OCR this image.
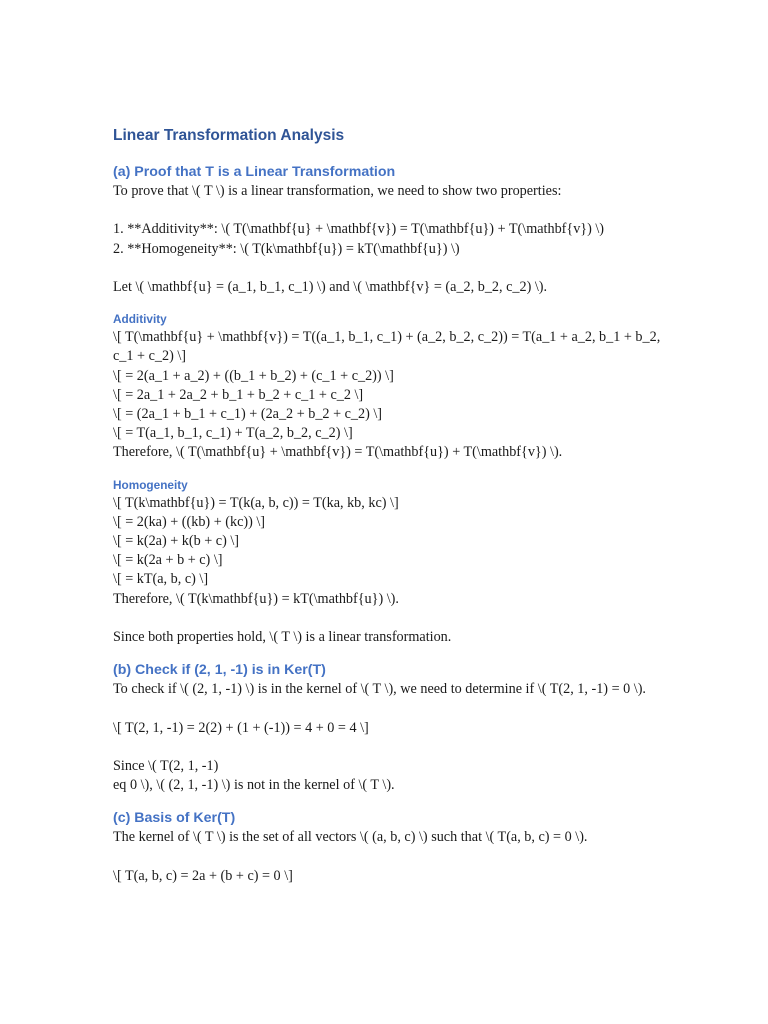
Linear Transformation Analysis
(a) Proof that T is a Linear Transformation
To prove that \( T \) is a linear transformation, we need to show two properties:
1. **Additivity**: \( T(\mathbf{u} + \mathbf{v}) = T(\mathbf{u}) + T(\mathbf{v}) \)
2. **Homogeneity**: \( T(k\mathbf{u}) = kT(\mathbf{u}) \)
Let \( \mathbf{u} = (a_1, b_1, c_1) \) and \( \mathbf{v} = (a_2, b_2, c_2) \).
Additivity
\[ T(\mathbf{u} + \mathbf{v}) = T((a_1, b_1, c_1) + (a_2, b_2, c_2)) = T(a_1 + a_2, b_1 + b_2, c_1 + c_2) \]
\[ = 2(a_1 + a_2) + ((b_1 + b_2) + (c_1 + c_2)) \]
\[ = 2a_1 + 2a_2 + b_1 + b_2 + c_1 + c_2 \]
\[ = (2a_1 + b_1 + c_1) + (2a_2 + b_2 + c_2) \]
\[ = T(a_1, b_1, c_1) + T(a_2, b_2, c_2) \]
Therefore, \( T(\mathbf{u} + \mathbf{v}) = T(\mathbf{u}) + T(\mathbf{v}) \).
Homogeneity
\[ T(k\mathbf{u}) = T(k(a, b, c)) = T(ka, kb, kc) \]
\[ = 2(ka) + ((kb) + (kc)) \]
\[ = k(2a) + k(b + c) \]
\[ = k(2a + b + c) \]
\[ = kT(a, b, c) \]
Therefore, \( T(k\mathbf{u}) = kT(\mathbf{u}) \).
Since both properties hold, \( T \) is a linear transformation.
(b) Check if (2, 1, -1) is in Ker(T)
To check if \( (2, 1, -1) \) is in the kernel of \( T \), we need to determine if \( T(2, 1, -1) = 0 \).
\[ T(2, 1, -1) = 2(2) + (1 + (-1)) = 4 + 0 = 4 \]
Since \( T(2, 1, -1)
eq 0 \), \( (2, 1, -1) \) is not in the kernel of \( T \).
(c) Basis of Ker(T)
The kernel of \( T \) is the set of all vectors \( (a, b, c) \) such that \( T(a, b, c) = 0 \).
\[ T(a, b, c) = 2a + (b + c) = 0 \]
